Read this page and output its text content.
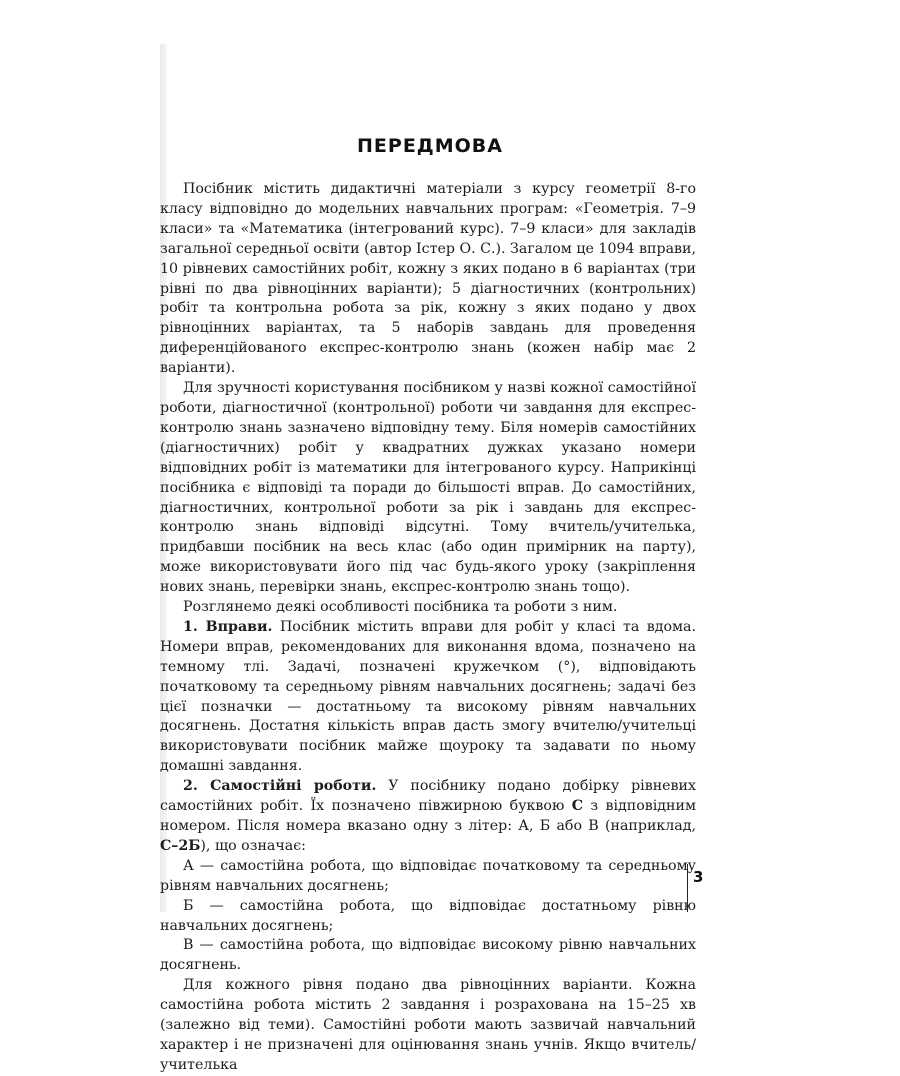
ПЕРЕДМОВА

Посібник містить дидактичні матеріали з курсу геометрії 8-го класу відповідно до модельних навчальних програм: «Геометрія. 7–9 класи» та «Математика (інтегрований курс). 7–9 класи» для закладів загальної середньої освіти (автор Істер О. С.). Загалом це 1094 вправи, 10 рівневих самостійних робіт, кожну з яких подано в 6 варіантах (три рівні по два рівноцінних варіанти); 5 діагностичних (контрольних) робіт та контрольна робота за рік, кожну з яких подано у двох рівноцінних варіантах, та 5 наборів завдань для проведення диференційованого експрес-контролю знань (кожен набір має 2 варіанти).

Для зручності користування посібником у назві кожної самостійної роботи, діагностичної (контрольної) роботи чи завдання для експрес-контролю знань зазначено відповідну тему. Біля номерів самостійних (діагностичних) робіт у квадратних дужках указано номери відповідних робіт із математики для інтегрованого курсу. Наприкінці посібника є відповіді та поради до більшості вправ. До самостійних, діагностичних, контрольної роботи за рік і завдань для експрес-контролю знань відповіді відсутні. Тому вчитель/учителька, придбавши посібник на весь клас (або один примірник на парту), може використовувати його під час будь-якого уроку (закріплення нових знань, перевірки знань, експрес-контролю знань тощо).

Розглянемо деякі особливості посібника та роботи з ним.

1. Вправи. Посібник містить вправи для робіт у класі та вдома. Номери вправ, рекомендованих для виконання вдома, позначено на темному тлі. Задачі, позначені кружечком (°), відповідають початковому та середньому рівням навчальних досягнень; задачі без цієї позначки — достатньому та високому рівням навчальних досягнень. Достатня кількість вправ дасть змогу вчителю/учительці використовувати посібник майже щоуроку та задавати по ньому домашні завдання.

2. Самостійні роботи. У посібнику подано добірку рівневих самостійних робіт. Їх позначено півжирною буквою С з відповідним номером. Після номера вказано одну з літер: А, Б або В (наприклад, С–2Б), що означає:

А — самостійна робота, що відповідає початковому та середньому рівням навчальних досягнень;

Б — самостійна робота, що відповідає достатньому рівню навчальних досягнень;

В — самостійна робота, що відповідає високому рівню навчальних досягнень.

Для кожного рівня подано два рівноцінних варіанти. Кожна самостійна робота містить 2 завдання і розрахована на 15–25 хв (залежно від теми). Самостійні роботи мають зазвичай навчальний характер і не призначені для оцінювання знань учнів. Якщо вчитель/учителька

3
